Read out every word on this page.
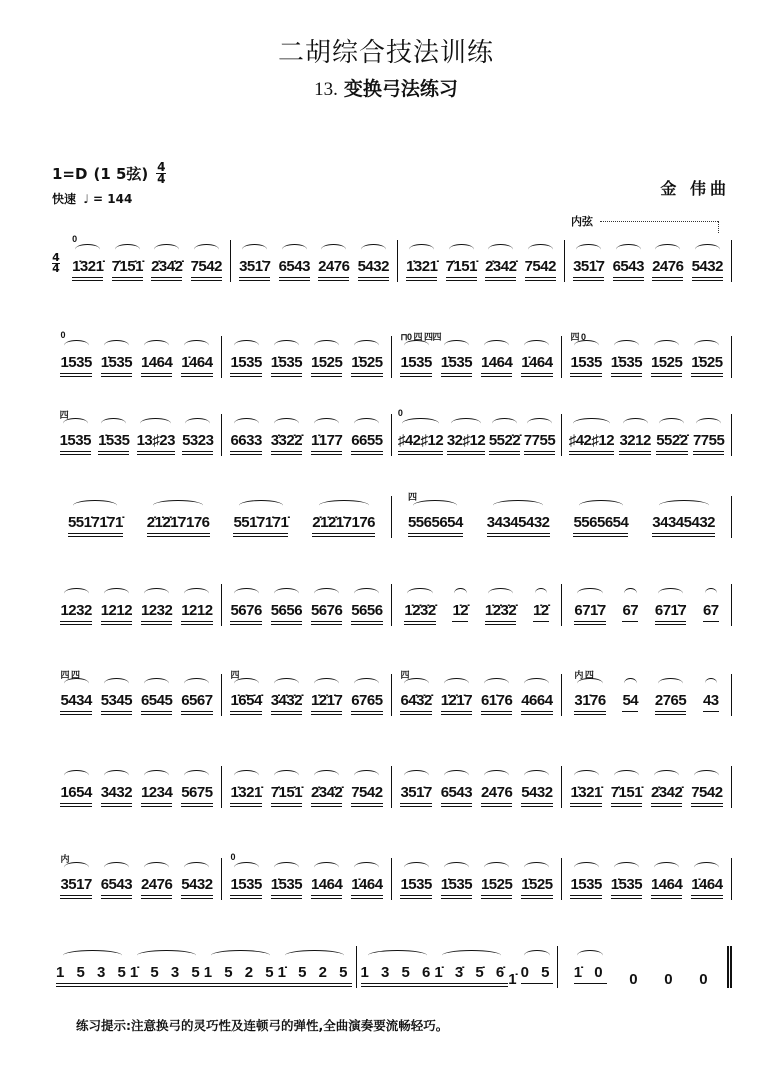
二胡综合技法训练
13. 变换弓法练习
1=D (1 5弦) $\frac{4}{4}$
快速 ♩ = 144
金 伟曲
内弦
4
4 1̇321̇
0
7̇15̇1̇ 2̇34̇2̇ 7542 351̇7 6543 2476 5432 1̇321̇ 7̇151̇ 2̇342̇ 7542 351̇7 6543 2476 5432
1535
0
1̇535 1464 1̇464 1535 1̇535 1525 1̇525 1535
⊓0 四 四四
1̇535 1464 1̇464 1535
四 0
1̇535 1525 1̇525
1535
四
1̇535 13♯23 5323 6633 3̇32̇2̇ 1̇177 6655 ♯42♯12
0
32♯12 552̇2̇ 7755 ♯42♯12 3212 552̇2̇ 7755
551̇71̇71̇ 2̇1̇2̇1̇7176 551̇71̇71̇ 2̇1̇2̇1̇7176 5565654
四
34345432 5565654 34345432
1232 1212 1232 1212 5676 5656 5676 5656 1̇2̇3̇2̇ 1̇2̇ 1̇2̇3̇2̇ 1̇2̇ 671̇7 67 671̇7 67
5434
四 四
5345 6545 6567 1̇6̇5̇4̇
四
3̇4̇3̇2̇ 1̇2̇1̇7 6765 64̇3̇2̇
四
1̇2̇1̇7 61̇76 4664 31̇76
内 四
54 2765 43
1654 3432 1234 5675 1̇321̇ 7̇15̇1̇ 2̇34̇2̇ 7542 351̇7 6543 2476 5432 1̇321̇ 7̇151̇ 2̇342̇ 7542
3517
内
6543 2476 5432 1535
0
1̇535 1464 1̇464 1535 1̇535 1525 1̇525 1535 1̇535 1464 1̇464
1 5 3 5 1̇ 5 3 5 1 5 2 5 1̇ 5 2 5 1 3 5 6 1̇ 3̇ 5̇ 6̇ 1̇ 0 5 1̇ 0 0 0 0
练习提示:注意换弓的灵巧性及连顿弓的弹性,全曲演奏要流畅轻巧。
